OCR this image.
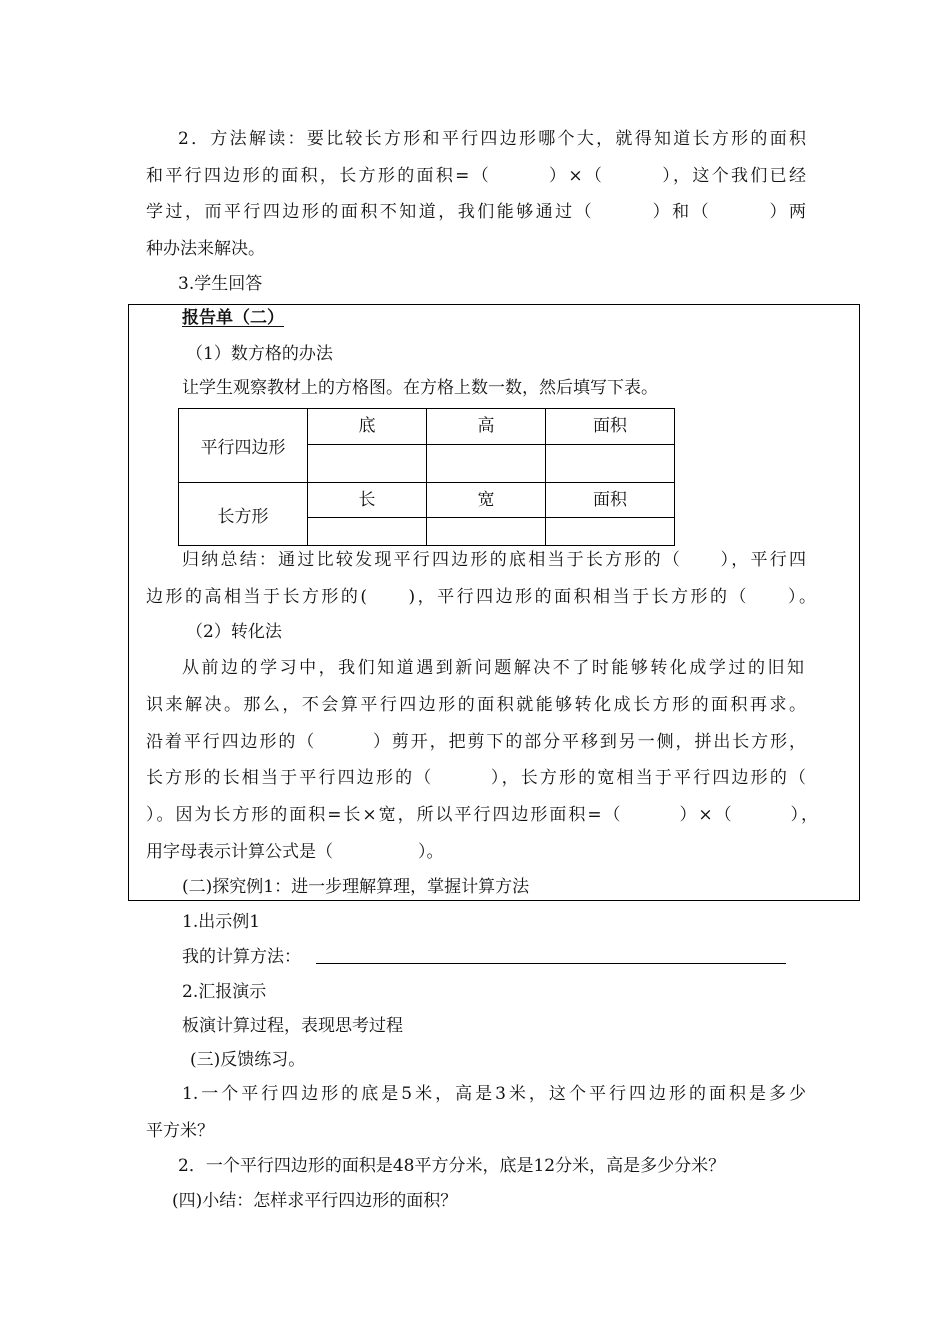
2．方法解读：要比较长方形和平行四边形哪个大，就得知道长方形的面积
和平行四边形的面积，长方形的面积=（　　　）×（　　　），这个我们已经
学过，而平行四边形的面积不知道，我们能够通过（　　　）和（　　　）两
种办法来解决。
3.学生回答
报告单（二）
（1）数方格的办法
让学生观察教材上的方格图。在方格上数一数，然后填写下表。
平行四边形	底	高	面积

长方形	长	宽	面积

归纳总结：通过比较发现平行四边形的底相当于长方形的（　　），平行四
边形的高相当于长方形的(　　)，平行四边形的面积相当于长方形的（　　）。
（2）转化法
从前边的学习中，我们知道遇到新问题解决不了时能够转化成学过的旧知
识来解决。那么，不会算平行四边形的面积就能够转化成长方形的面积再求。
沿着平行四边形的（　　　）剪开，把剪下的部分平移到另一侧，拼出长方形，
长方形的长相当于平行四边形的（　　　），长方形的宽相当于平行四边形的（
）。因为长方形的面积=长×宽，所以平行四边形面积=（　　　）×（　　　），
用字母表示计算公式是（　　　　　）。
(二)探究例1：进一步理解算理，掌握计算方法
1.出示例1
我的计算方法：
2.汇报演示
板演计算过程，表现思考过程
(三)反馈练习。
1.一个平行四边形的底是5米，高是3米，这个平行四边形的面积是多少
平方米？
2．一个平行四边形的面积是48平方分米，底是12分米，高是多少分米？
(四)小结：怎样求平行四边形的面积？
